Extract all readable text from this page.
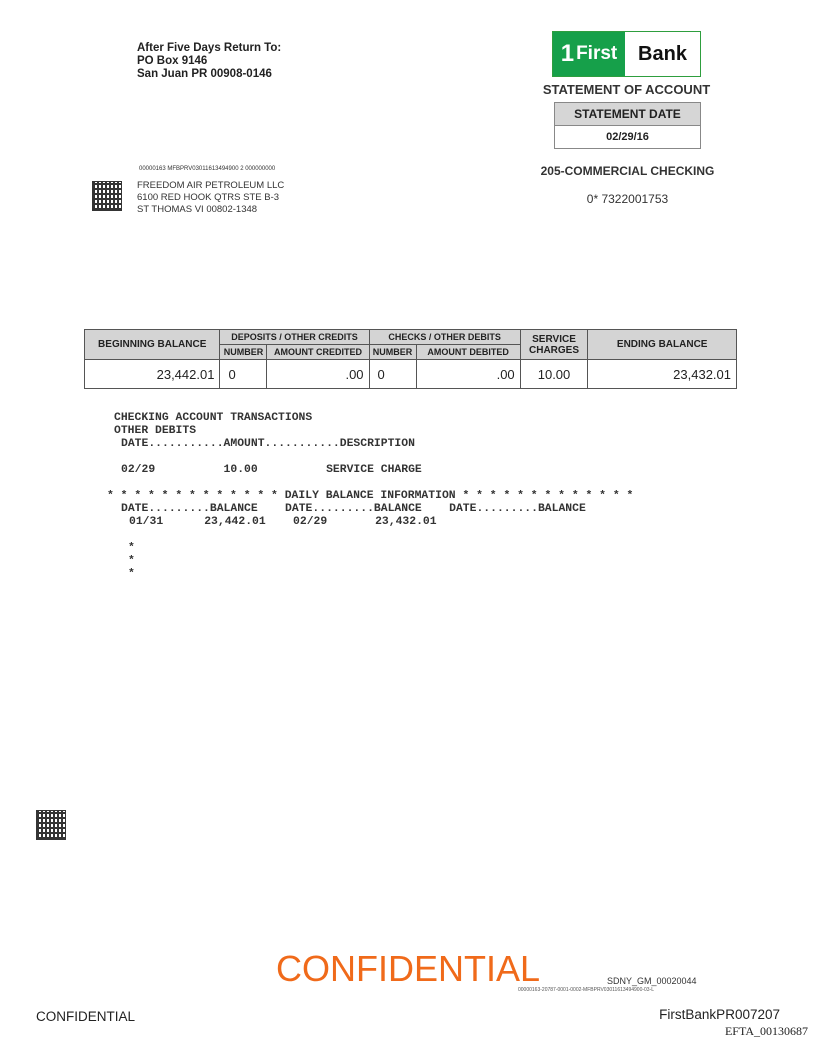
After Five Days Return To:
PO Box 9146
San Juan PR 00908-0146
1 First	Bank
STATEMENT OF ACCOUNT
STATEMENT DATE
02/29/16
205-COMMERCIAL CHECKING
0* 7322001753
00000163 MFBPRV03011613494900 2 000000000
FREEDOM AIR PETROLEUM LLC
6100 RED HOOK QTRS STE B-3
ST THOMAS VI 00802-1348
BEGINNING BALANCE	DEPOSITS / OTHER CREDITS		CHECKS / OTHER DEBITS		SERVICE CHARGES	ENDING BALANCE
	NUMBER	AMOUNT CREDITED	NUMBER	AMOUNT DEBITED		
23,442.01	0	.00	0	.00	10.00	23,432.01
CHECKING ACCOUNT TRANSACTIONS
OTHER DEBITS
DATE...........AMOUNT...........DESCRIPTION
02/29          10.00          SERVICE CHARGE
* * * * * * * * * * * * * DAILY BALANCE INFORMATION * * * * * * * * * * * * *
DATE.........BALANCE    DATE.........BALANCE    DATE.........BALANCE
01/31      23,442.01    02/29       23,432.01
*
*
*
CONFIDENTIAL	SDNY_GM_00020044
00000163-20787-0001-0002-MFBPRV03011613494900-03-L
CONFIDENTIAL	FirstBankPR007207
EFTA_00130687
